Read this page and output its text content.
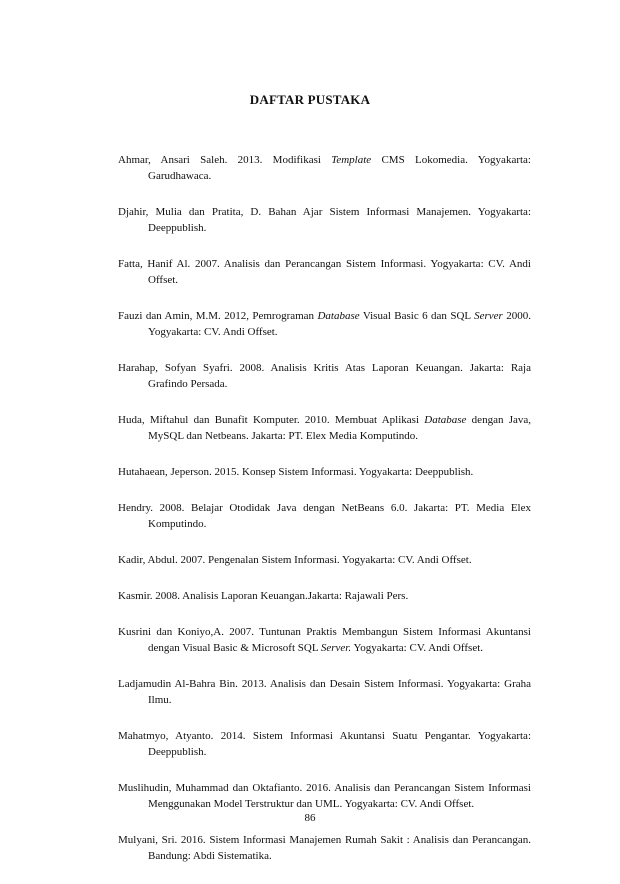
DAFTAR PUSTAKA
Ahmar, Ansari Saleh. 2013. Modifikasi Template CMS Lokomedia. Yogyakarta: Garudhawaca.
Djahir, Mulia dan Pratita, D. Bahan Ajar Sistem Informasi Manajemen. Yogyakarta: Deeppublish.
Fatta, Hanif Al. 2007. Analisis dan Perancangan Sistem Informasi. Yogyakarta: CV. Andi Offset.
Fauzi dan Amin, M.M. 2012, Pemrograman Database Visual Basic 6 dan SQL Server 2000. Yogyakarta: CV. Andi Offset.
Harahap, Sofyan Syafri. 2008. Analisis Kritis Atas Laporan Keuangan. Jakarta: Raja Grafindo Persada.
Huda, Miftahul dan Bunafit Komputer. 2010. Membuat Aplikasi Database dengan Java, MySQL dan Netbeans. Jakarta: PT. Elex Media Komputindo.
Hutahaean, Jeperson. 2015. Konsep Sistem Informasi. Yogyakarta: Deeppublish.
Hendry. 2008. Belajar Otodidak Java dengan NetBeans 6.0. Jakarta: PT. Media Elex Komputindo.
Kadir, Abdul. 2007. Pengenalan Sistem Informasi. Yogyakarta: CV. Andi Offset.
Kasmir. 2008. Analisis Laporan Keuangan.Jakarta: Rajawali Pers.
Kusrini dan Koniyo,A. 2007. Tuntunan Praktis Membangun Sistem Informasi Akuntansi dengan Visual Basic & Microsoft SQL Server. Yogyakarta: CV. Andi Offset.
Ladjamudin Al-Bahra Bin. 2013. Analisis dan Desain Sistem Informasi. Yogyakarta: Graha Ilmu.
Mahatmyo, Atyanto. 2014. Sistem Informasi Akuntansi Suatu Pengantar. Yogyakarta: Deeppublish.
Muslihudin, Muhammad dan Oktafianto. 2016. Analisis dan Perancangan Sistem Informasi Menggunakan Model Terstruktur dan UML. Yogyakarta: CV. Andi Offset.
Mulyani, Sri. 2016. Sistem Informasi Manajemen Rumah Sakit : Analisis dan Perancangan. Bandung: Abdi Sistematika.
86
